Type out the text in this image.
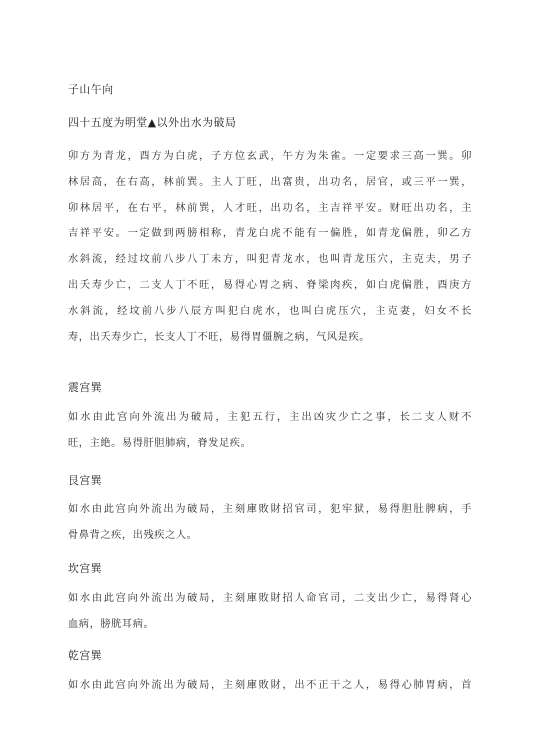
子山午向
四十五度为明堂▲以外出水为破局
卯方为青龙，酉方为白虎，子方位玄武，午方为朱雀。一定要求三高一巽。卯
林居高，在右高，林前巽。主人丁旺，出富贵，出功名，居官，或三平一巽，
卯林居平，在右平，林前巽，人才旺，出功名，主吉祥平安。财旺出功名，主
吉祥平安。一定做到两膀相称，青龙白虎不能有一偏胜，如青龙偏胜，卯乙方
水斜流，经过坟前八步八丁未方，叫犯青龙水，也叫青龙压穴，主克夫，男子
出夭寿少亡，二支人丁不旺，易得心胃之病、脊梁肉疾，如白虎偏胜，酉庚方
水斜流，经坟前八步八辰方叫犯白虎水，也叫白虎压穴，主克妻，妇女不长
寿，出夭寿少亡，长支人丁不旺，易得胃僵腕之病，气风是疾。
震宫巽
如水由此宫向外流出为破局，主犯五行，主出凶灾少亡之事，长二支人财不
旺，主絶。易得肝胆肺病，脊发足疾。
艮宫巽
如水由此宫向外流出为破局，主刻庫敗財招官司，犯牢狱，易得胆肚脾病，手
骨鼻背之疾，出残疾之人。
坎宫巽
如水由此宫向外流出为破局，主刻庫敗財招人命官司，二支出少亡，易得肾心
血病，膀胱耳病。
乾宫巽
如水由此宫向外流出为破局，主刻庫敗財，出不正干之人，易得心肺胃病，首
